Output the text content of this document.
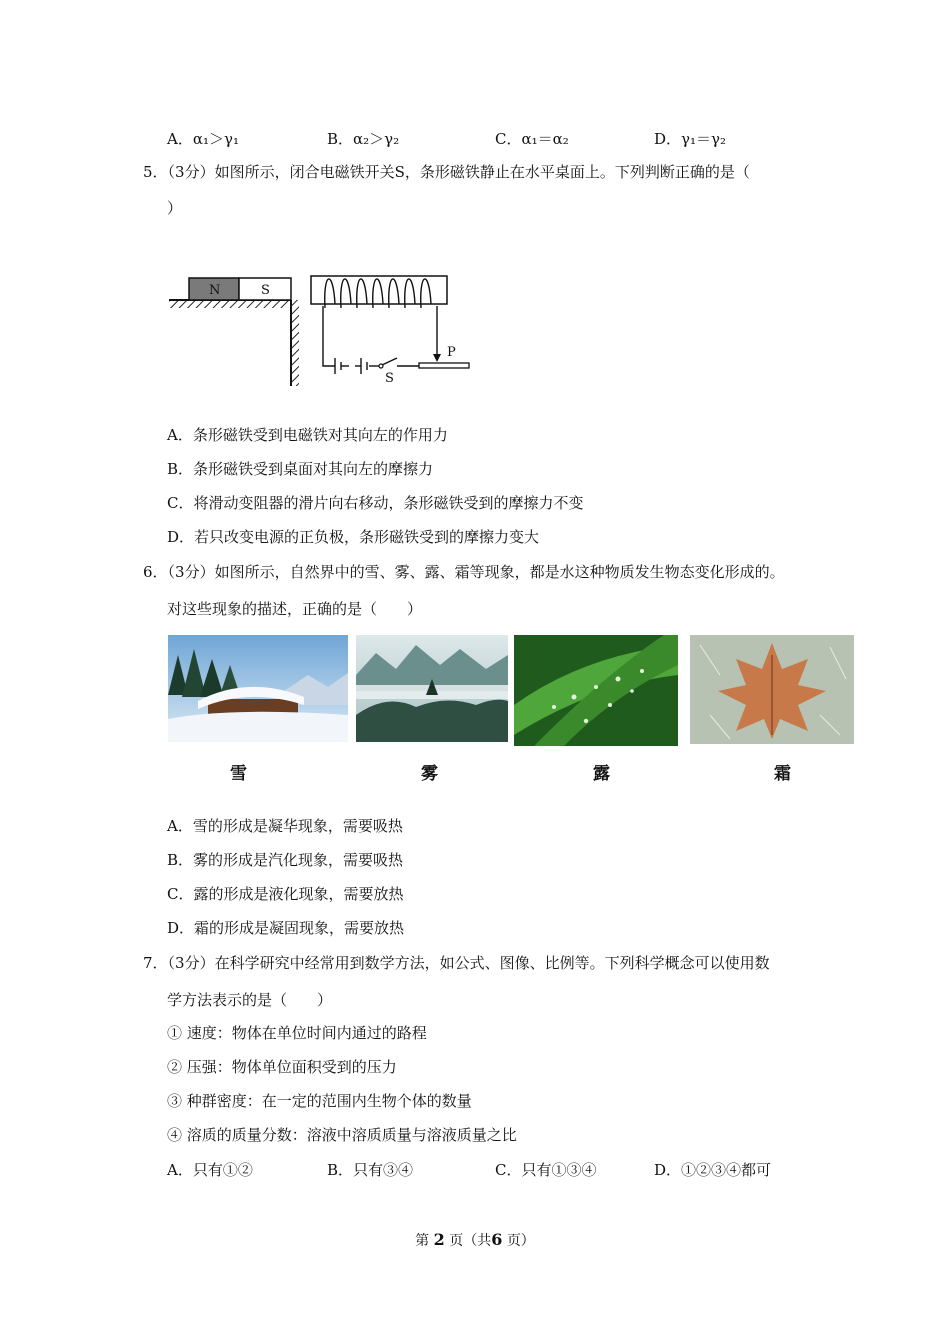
A．α₁＞γ₁	B．α₂＞γ₂	C．α₁＝α₂	D．γ₁＝γ₂
5．（3分）如图所示，闭合电磁铁开关S，条形磁铁静止在水平桌面上。下列判断正确的是（
）
N	S
S
P
A．条形磁铁受到电磁铁对其向左的作用力
B．条形磁铁受到桌面对其向左的摩擦力
C．将滑动变阻器的滑片向右移动，条形磁铁受到的摩擦力不变
D．若只改变电源的正负极，条形磁铁受到的摩擦力变大
6．（3分）如图所示，自然界中的雪、雾、露、霜等现象，都是水这种物质发生物态变化形成的。
对这些现象的描述，正确的是（　　）
雪	雾	露	霜
A．雪的形成是凝华现象，需要吸热
B．雾的形成是汽化现象，需要吸热
C．露的形成是液化现象，需要放热
D．霜的形成是凝固现象，需要放热
7．（3分）在科学研究中经常用到数学方法，如公式、图像、比例等。下列科学概念可以使用数
学方法表示的是（　　）
① 速度：物体在单位时间内通过的路程
② 压强：物体单位面积受到的压力
③ 种群密度：在一定的范围内生物个体的数量
④ 溶质的质量分数：溶液中溶质质量与溶液质量之比
A．只有①②	B．只有③④	C．只有①③④	D．①②③④都可
第 2 页（共6 页）
